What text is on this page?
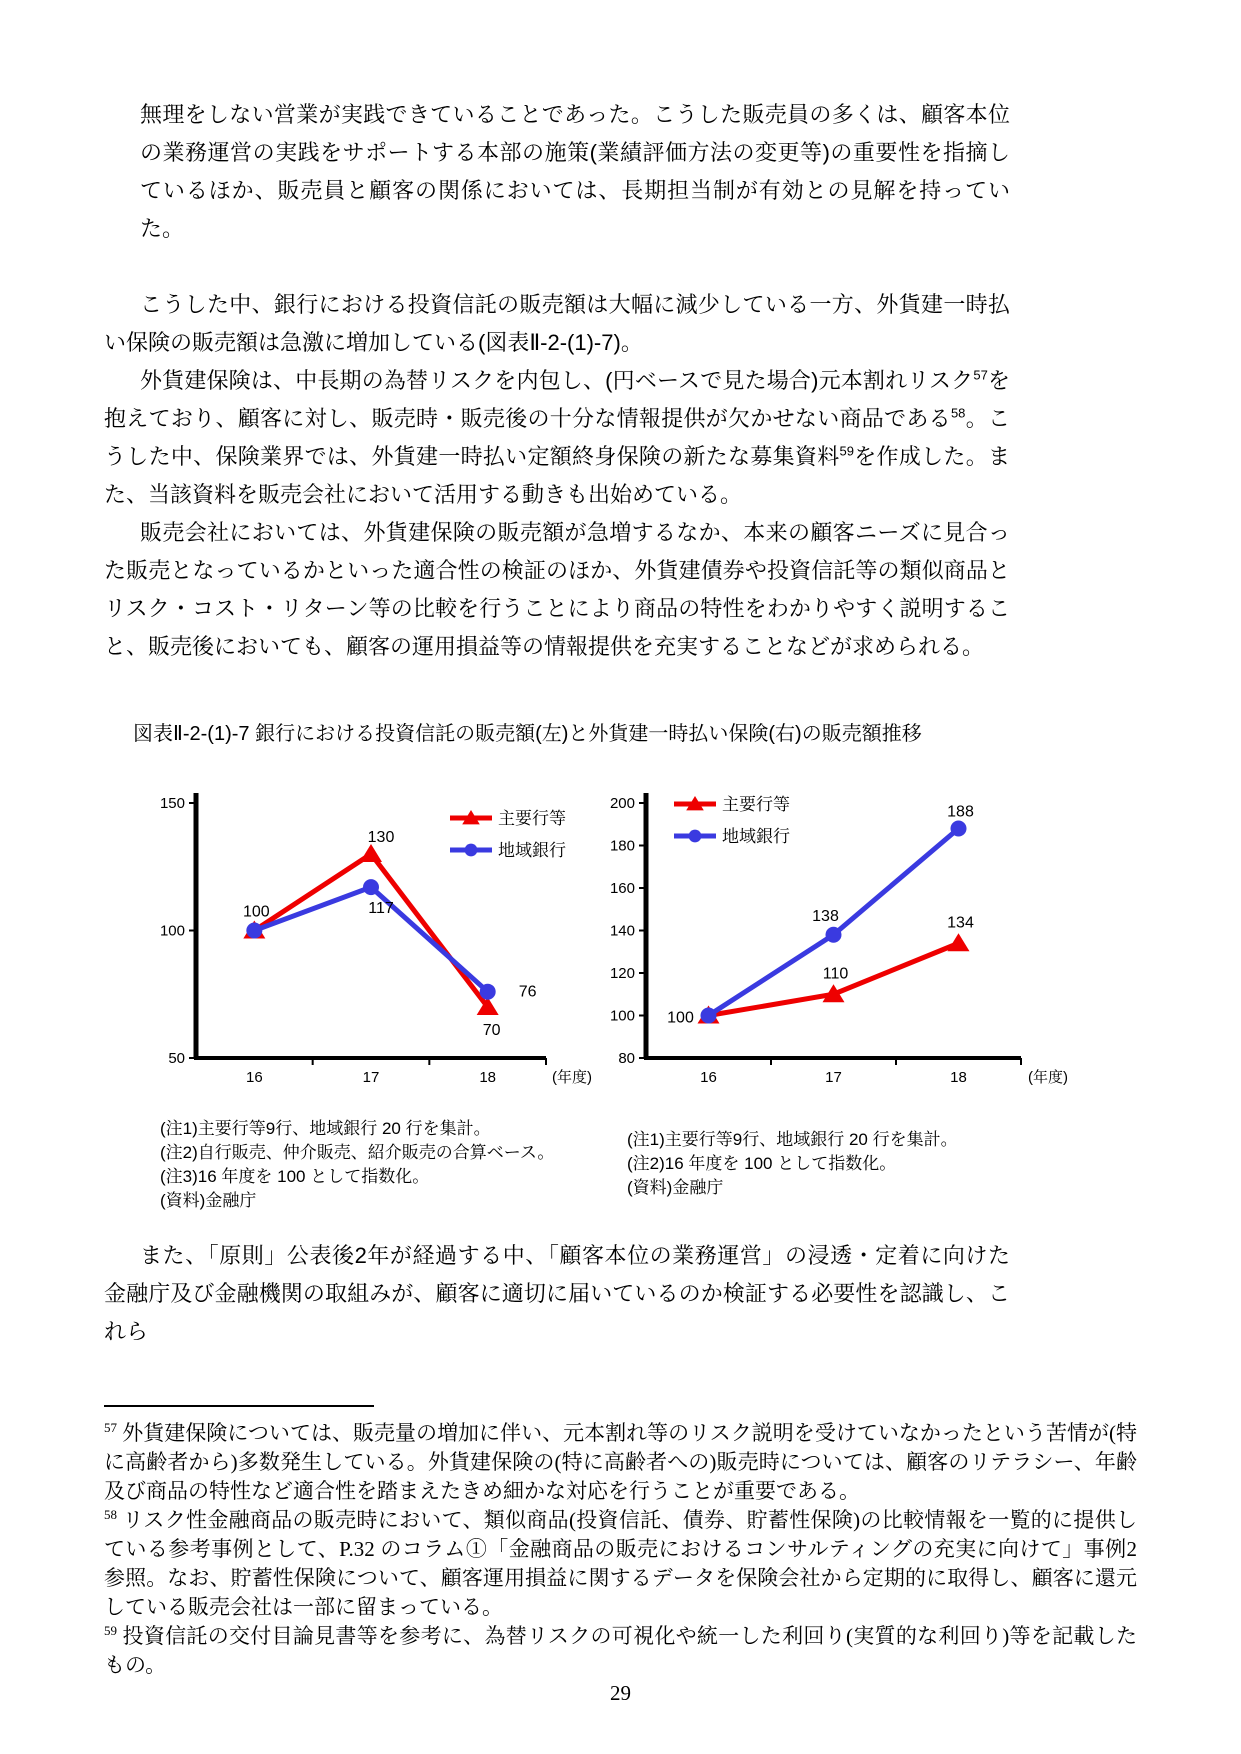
無理をしない営業が実践できていることであった。こうした販売員の多くは、顧客本位の業務運営の実践をサポートする本部の施策(業績評価方法の変更等)の重要性を指摘しているほか、販売員と顧客の関係においては、長期担当制が有効との見解を持っていた。

こうした中、銀行における投資信託の販売額は大幅に減少している一方、外貨建一時払い保険の販売額は急激に増加している(図表Ⅱ-2-(1)-7)。

外貨建保険は、中長期の為替リスクを内包し、(円ベースで見た場合)元本割れリスク$^{57}$を抱えており、顧客に対し、販売時・販売後の十分な情報提供が欠かせない商品である$^{58}$。こうした中、保険業界では、外貨建一時払い定額終身保険の新たな募集資料$^{59}$を作成した。また、当該資料を販売会社において活用する動きも出始めている。

販売会社においては、外貨建保険の販売額が急増するなか、本来の顧客ニーズに見合った販売となっているかといった適合性の検証のほか、外貨建債券や投資信託等の類似商品とリスク・コスト・リターン等の比較を行うことにより商品の特性をわかりやすく説明すること、販売後においても、顧客の運用損益等の情報提供を充実することなどが求められる。

図表Ⅱ-2-(1)-7 銀行における投資信託の販売額(左)と外貨建一時払い保険(右)の販売額推移
50
100
150
16	17	18	(年度)
130
70
100	117
76
主要行等
地域銀行
(注1)主要行等9行、地域銀行 20 行を集計。
(注2)自行販売、仲介販売、紹介販売の合算ベース。
(注3)16 年度を 100 として指数化。
(資料)金融庁
80
100
120
140
160
180
200
16	17	18	(年度)
110
134
100
138
188
主要行等
地域銀行
(注1)主要行等9行、地域銀行 20 行を集計。
(注2)16 年度を 100 として指数化。
(資料)金融庁

また、「原則」公表後2年が経過する中、「顧客本位の業務運営」の浸透・定着に向けた金融庁及び金融機関の取組みが、顧客に適切に届いているのか検証する必要性を認識し、これら

$^{57}$ 外貨建保険については、販売量の増加に伴い、元本割れ等のリスク説明を受けていなかったという苦情が(特に高齢者から)多数発生している。外貨建保険の(特に高齢者への)販売時については、顧客のリテラシー、年齢及び商品の特性など適合性を踏まえたきめ細かな対応を行うことが重要である。

$^{58}$ リスク性金融商品の販売時において、類似商品(投資信託、債券、貯蓄性保険)の比較情報を一覧的に提供している参考事例として、P.32 のコラム①「金融商品の販売におけるコンサルティングの充実に向けて」事例2参照。なお、貯蓄性保険について、顧客運用損益に関するデータを保険会社から定期的に取得し、顧客に還元している販売会社は一部に留まっている。

$^{59}$ 投資信託の交付目論見書等を参考に、為替リスクの可視化や統一した利回り(実質的な利回り)等を記載したもの。

29
